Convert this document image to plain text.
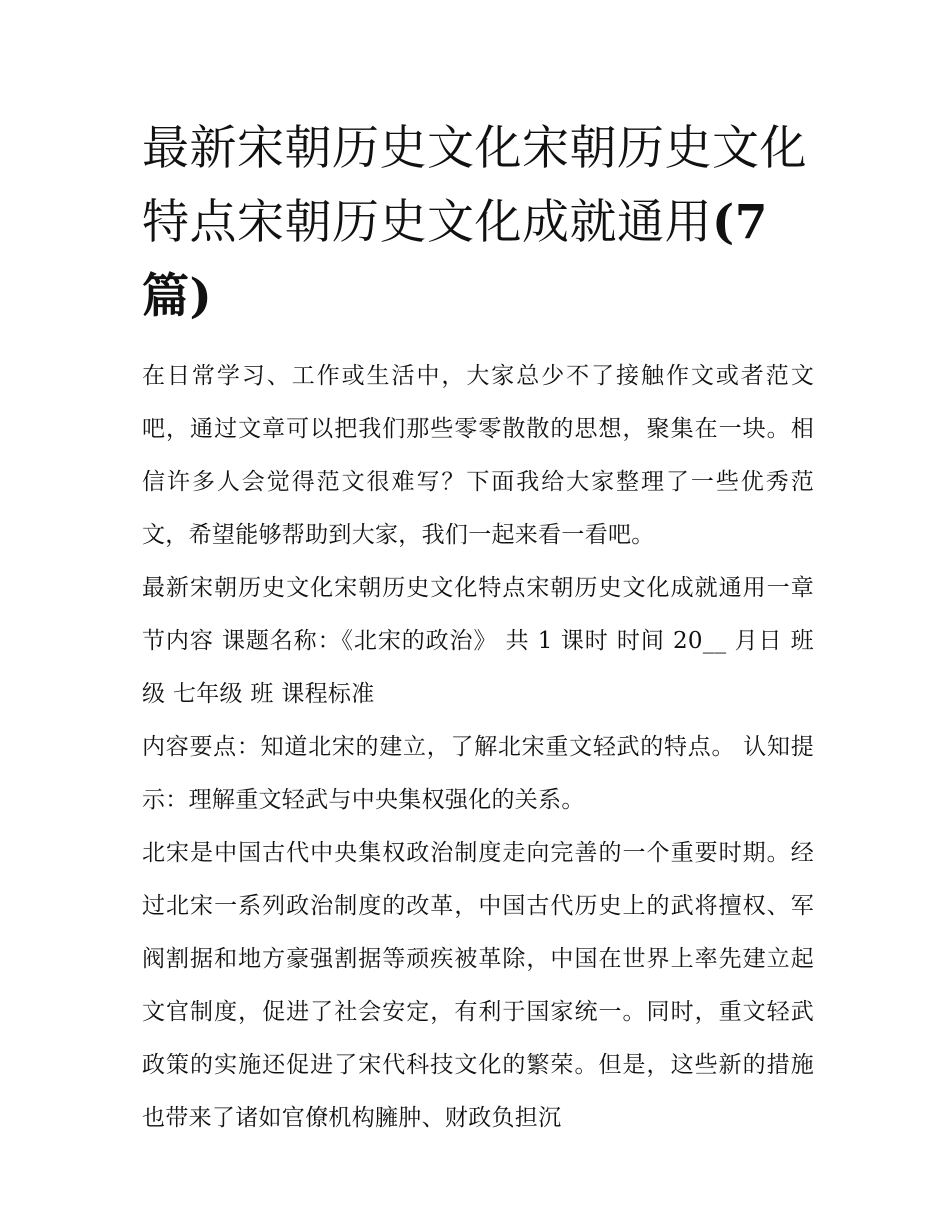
最新宋朝历史文化宋朝历史文化特点宋朝历史文化成就通用(7篇)

在日常学习、工作或生活中，大家总少不了接触作文或者范文吧，通过文章可以把我们那些零零散散的思想，聚集在一块。相信许多人会觉得范文很难写？下面我给大家整理了一些优秀范文，希望能够帮助到大家，我们一起来看一看吧。

最新宋朝历史文化宋朝历史文化特点宋朝历史文化成就通用一章节内容 课题名称：《北宋的政治》 共 1 课时 时间 20__ 月日 班级 七年级 班 课程标准

内容要点：知道北宋的建立，了解北宋重文轻武的特点。 认知提示：理解重文轻武与中央集权强化的关系。

北宋是中国古代中央集权政治制度走向完善的一个重要时期。经过北宋一系列政治制度的改革，中国古代历史上的武将擅权、军阀割据和地方豪强割据等顽疾被革除，中国在世界上率先建立起文官制度，促进了社会安定，有利于国家统一。同时，重文轻武政策的实施还促进了宋代科技文化的繁荣。但是，这些新的措施也带来了诸如官僚机构臃肿、财政负担沉
